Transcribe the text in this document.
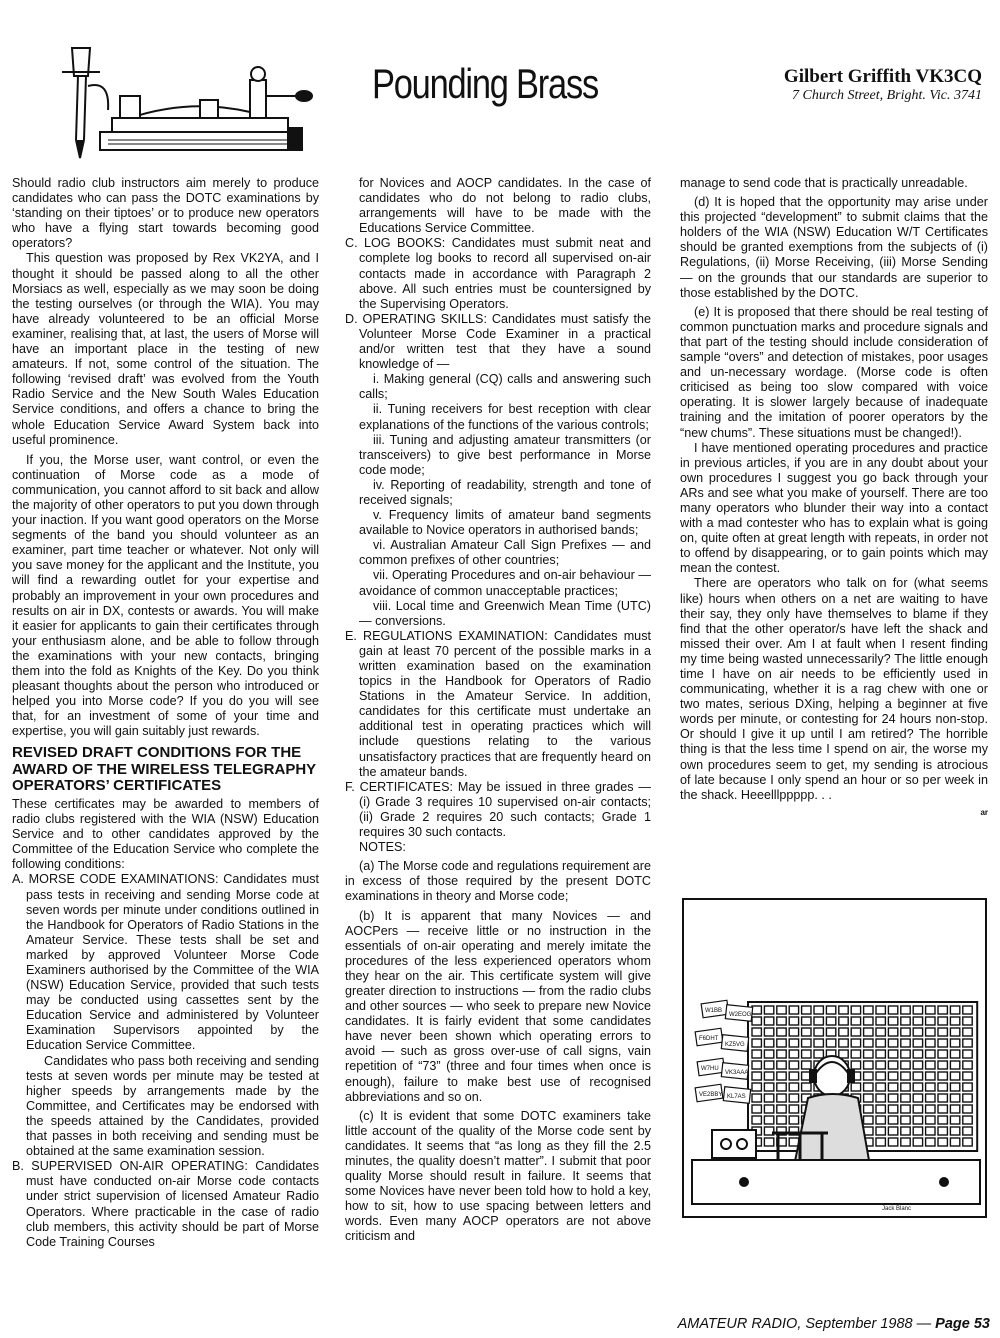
Pounding Brass	Gilbert Griffith VK3CQ
7 Church Street, Bright. Vic. 3741

Should radio club instructors aim merely to produce candidates who can pass the DOTC examinations by ‘standing on their tiptoes’ or to produce new operators who have a flying start towards becoming good operators?

This question was proposed by Rex VK2YA, and I thought it should be passed along to all the other Morsiacs as well, especially as we may soon be doing the testing ourselves (or through the WIA). You may have already volunteered to be an official Morse examiner, realising that, at last, the users of Morse will have an important place in the testing of new amateurs. If not, some control of the situation. The following ‘revised draft’ was evolved from the Youth Radio Service and the New South Wales Education Service conditions, and offers a chance to bring the whole Education Service Award System back into useful prominence.

If you, the Morse user, want control, or even the continuation of Morse code as a mode of communication, you cannot afford to sit back and allow the majority of other operators to put you down through your inaction. If you want good operators on the Morse segments of the band you should volunteer as an examiner, part time teacher or whatever. Not only will you save money for the applicant and the Institute, you will find a rewarding outlet for your expertise and probably an improvement in your own procedures and results on air in DX, contests or awards. You will make it easier for applicants to gain their certificates through your enthusiasm alone, and be able to follow through the examinations with your new contacts, bringing them into the fold as Knights of the Key. Do you think pleasant thoughts about the person who introduced or helped you into Morse code? If you do you will see that, for an investment of some of your time and expertise, you will gain suitably just rewards.

REVISED DRAFT CONDITIONS FOR THE AWARD OF THE WIRELESS TELEGRAPHY OPERATORS’ CERTIFICATES

These certificates may be awarded to members of radio clubs registered with the WIA (NSW) Education Service and to other candidates approved by the Committee of the Education Service who complete the following conditions:

A. MORSE CODE EXAMINATIONS: Candidates must pass tests in receiving and sending Morse code at seven words per minute under conditions outlined in the Handbook for Operators of Radio Stations in the Amateur Service. These tests shall be set and marked by approved Volunteer Morse Code Examiners authorised by the Committee of the WIA (NSW) Education Service, provided that such tests may be conducted using cassettes sent by the Education Service and administered by Volunteer Examination Supervisors appointed by the Education Service Committee.

Candidates who pass both receiving and sending tests at seven words per minute may be tested at higher speeds by arrangements made by the Committee, and Certificates may be endorsed with the speeds attained by the Candidates, provided that passes in both receiving and sending must be obtained at the same examination session.

B. SUPERVISED ON-AIR OPERATING: Candidates must have conducted on-air Morse code contacts under strict supervision of licensed Amateur Radio Operators. Where practicable in the case of radio club members, this activity should be part of Morse Code Training Courses

for Novices and AOCP candidates. In the case of candidates who do not belong to radio clubs, arrangements will have to be made with the Educations Service Committee.

C. LOG BOOKS: Candidates must submit neat and complete log books to record all supervised on-air contacts made in accordance with Paragraph 2 above. All such entries must be countersigned by the Supervising Operators.

D. OPERATING SKILLS: Candidates must satisfy the Volunteer Morse Code Examiner in a practical and/or written test that they have a sound knowledge of —

i. Making general (CQ) calls and answering such calls;

ii. Tuning receivers for best reception with clear explanations of the functions of the various controls;

iii. Tuning and adjusting amateur transmitters (or transceivers) to give best performance in Morse code mode;

iv. Reporting of readability, strength and tone of received signals;

v. Frequency limits of amateur band segments available to Novice operators in authorised bands;

vi. Australian Amateur Call Sign Prefixes — and common prefixes of other countries;

vii. Operating Procedures and on-air behaviour — avoidance of common unacceptable practices;

viii. Local time and Greenwich Mean Time (UTC) — conversions.

E. REGULATIONS EXAMINATION: Candidates must gain at least 70 percent of the possible marks in a written examination based on the examination topics in the Handbook for Operators of Radio Stations in the Amateur Service. In addition, candidates for this certificate must undertake an additional test in operating practices which will include questions relating to the various unsatisfactory practices that are frequently heard on the amateur bands.

F. CERTIFICATES: May be issued in three grades — (i) Grade 3 requires 10 supervised on-air contacts; (ii) Grade 2 requires 20 such contacts; Grade 1 requires 30 such contacts.

NOTES:

(a) The Morse code and regulations requirement are in excess of those required by the present DOTC examinations in theory and Morse code;

(b) It is apparent that many Novices — and AOCPers — receive little or no instruction in the essentials of on-air operating and merely imitate the procedures of the less experienced operators whom they hear on the air. This certificate system will give greater direction to instructions — from the radio clubs and other sources — who seek to prepare new Novice candidates. It is fairly evident that some candidates have never been shown which operating errors to avoid — such as gross over-use of call signs, vain repetition of “73” (three and four times when once is enough), failure to make best use of recognised abbreviations and so on.

(c) It is evident that some DOTC examiners take little account of the quality of the Morse code sent by candidates. It seems that “as long as they fill the 2.5 minutes, the quality doesn’t matter”. I submit that poor quality Morse should result in failure. It seems that some Novices have never been told how to hold a key, how to sit, how to use spacing between letters and words. Even many AOCP operators are not above criticism and

manage to send code that is practically unreadable.

(d) It is hoped that the opportunity may arise under this projected “development” to submit claims that the holders of the WIA (NSW) Education W/T Certificates should be granted exemptions from the subjects of (i) Regulations, (ii) Morse Receiving, (iii) Morse Sending — on the grounds that our standards are superior to those established by the DOTC.

(e) It is proposed that there should be real testing of common punctuation marks and procedure signals and that part of the testing should include consideration of sample “overs” and detection of mistakes, poor usages and un-necessary wordage. (Morse code is often criticised as being too slow compared with voice operating. It is slower largely because of inadequate training and the imitation of poorer operators by the “new chums”. These situations must be changed!).

I have mentioned operating procedures and practice in previous articles, if you are in any doubt about your own procedures I suggest you go back through your ARs and see what you make of yourself. There are too many operators who blunder their way into a contact with a mad contester who has to explain what is going on, quite often at great length with repeats, in order not to offend by disappearing, or to gain points which may mean the contest.

There are operators who talk on for (what seems like) hours when others on a net are waiting to have their say, they only have themselves to blame if they find that the other operator/s have left the shack and missed their over. Am I at fault when I resent finding my time being wasted unnecessarily? The little enough time I have on air needs to be efficiently used in communicating, whether it is a rag chew with one or two mates, serious DXing, helping a beginner at five words per minute, or contesting for 24 hours non-stop. Or should I give it up until I am retired? The horrible thing is that the less time I spend on air, the worse my own procedures seem to get, my sending is atrocious of late because I only spend an hour or so per week in the shack. Heeelllppppp. . .

ar
W1BB
W2EOG
F6DHT
KZ5VG
W7HU
VK3AAA
VE2BBY KL7AS
Jack Blanc
AMATEUR RADIO, September 1988 — Page 53
